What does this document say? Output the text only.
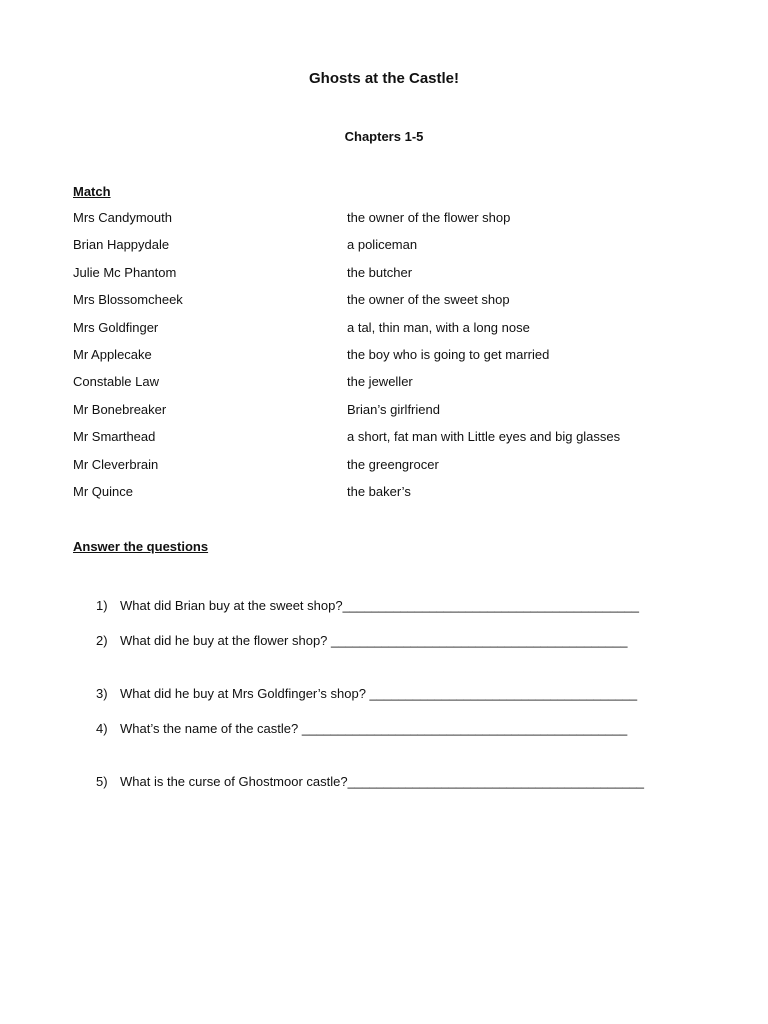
Ghosts at the Castle!
Chapters 1-5
Match
Mrs Candymouth	the owner of the flower shop
Brian Happydale	a policeman
Julie Mc Phantom	the butcher
Mrs Blossomcheek	the owner of the sweet shop
Mrs Goldfinger	a tal, thin man, with a long nose
Mr Applecake	the boy who is going to get married
Constable Law	the jeweller
Mr Bonebreaker	Brian’s girlfriend
Mr Smarthead	a short, fat man with Little eyes and big glasses
Mr Cleverbrain	the greengrocer
Mr Quince	the baker’s
Answer the questions
1) What did Brian buy at the sweet shop?_________________________________________
2) What did he buy at the flower shop? _________________________________________
3) What did he buy at Mrs Goldfinger’s shop? _____________________________________
4) What’s the name of the castle? _____________________________________________
5) What is the curse of Ghostmoor castle?_________________________________________
